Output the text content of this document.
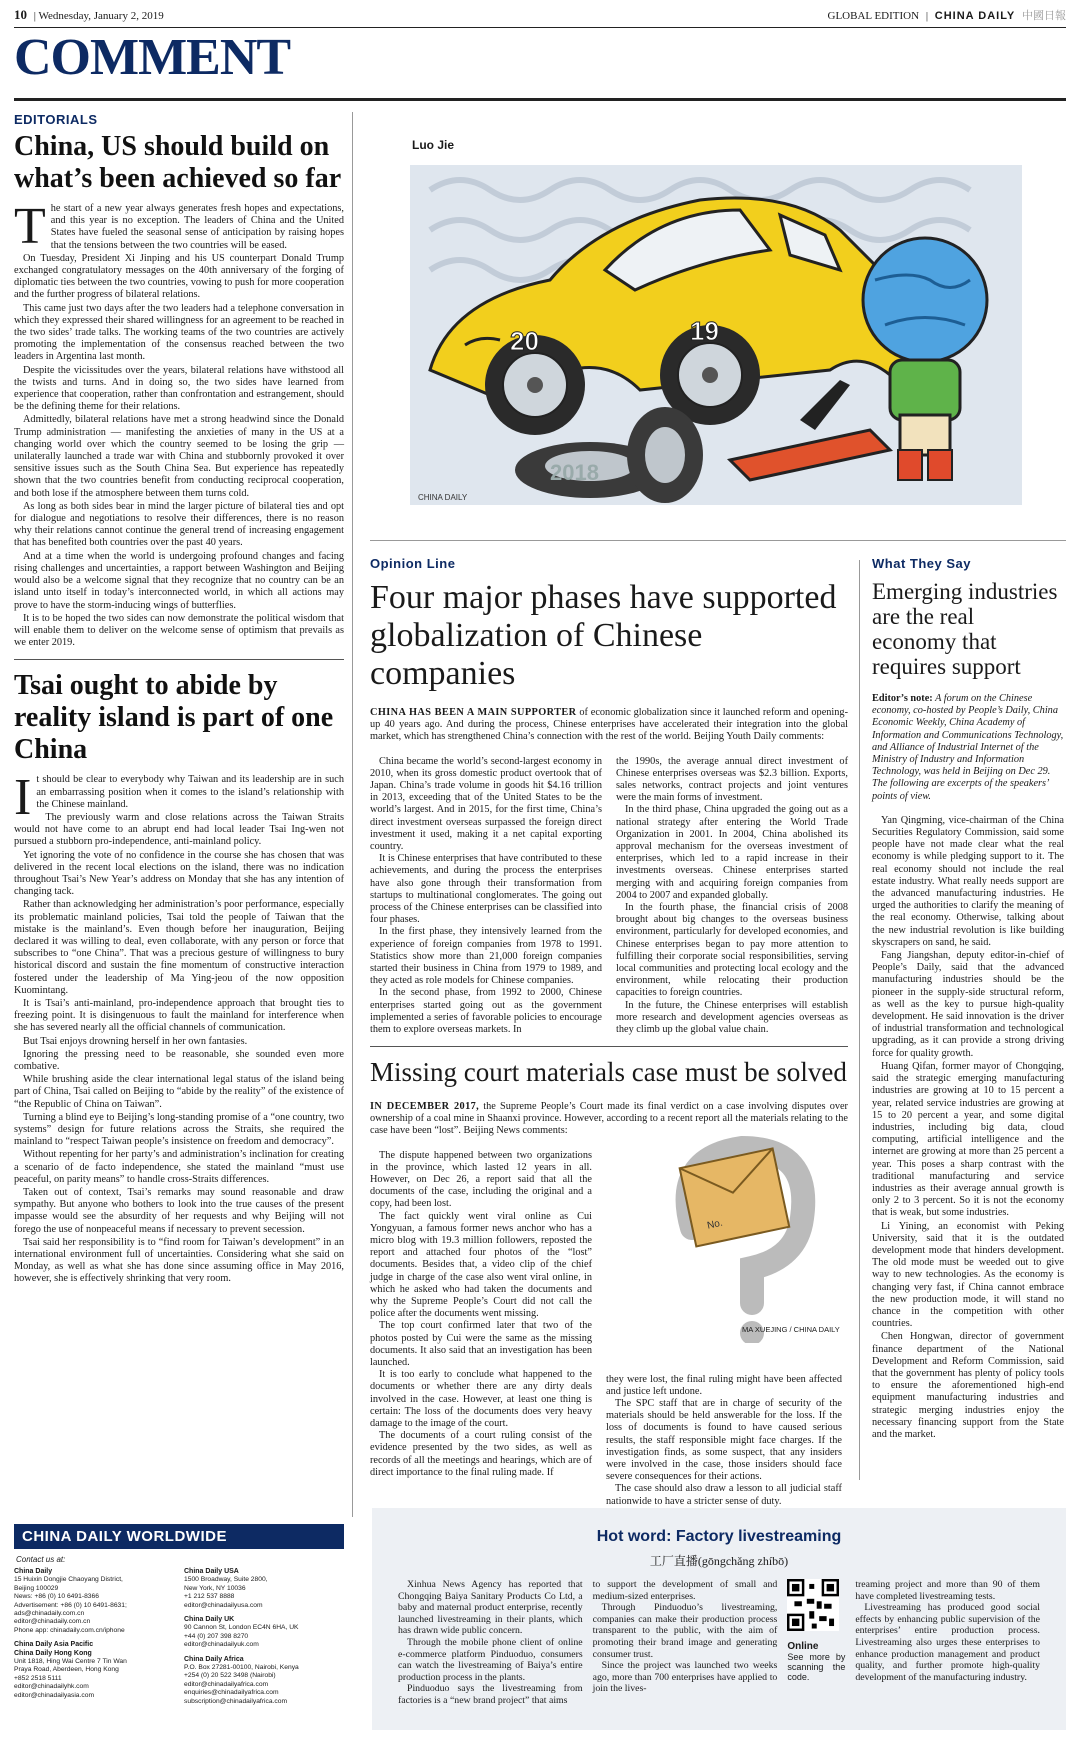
10 | Wednesday, January 2, 2019	GLOBAL EDITION | CHINA DAILY 中國日報
COMMENT
EDITORIALS
China, US should build on what’s been achieved so far

The start of a new year always generates fresh hopes and expectations, and this year is no exception. The leaders of China and the United States have fueled the seasonal sense of anticipation by raising hopes that the tensions between the two countries will be eased.

On Tuesday, President Xi Jinping and his US counterpart Donald Trump exchanged congratulatory messages on the 40th anniversary of the forging of diplomatic ties between the two countries, vowing to push for more cooperation and the further progress of bilateral relations.

This came just two days after the two leaders had a telephone conversation in which they expressed their shared willingness for an agreement to be reached in the two sides’ trade talks. The working teams of the two countries are actively promoting the implementation of the consensus reached between the two leaders in Argentina last month.

Despite the vicissitudes over the years, bilateral relations have withstood all the twists and turns. And in doing so, the two sides have learned from experience that cooperation, rather than confrontation and estrangement, should be the defining theme for their relations.

Admittedly, bilateral relations have met a strong headwind since the Donald Trump administration — manifesting the anxieties of many in the US at a changing world over which the country seemed to be losing the grip — unilaterally launched a trade war with China and stubbornly provoked it over sensitive issues such as the South China Sea. But experience has repeatedly shown that the two countries benefit from conducting reciprocal cooperation, and both lose if the atmosphere between them turns cold.

As long as both sides bear in mind the larger picture of bilateral ties and opt for dialogue and negotiations to resolve their differences, there is no reason why their relations cannot continue the general trend of increasing engagement that has benefited both countries over the past 40 years.

And at a time when the world is undergoing profound changes and facing rising challenges and uncertainties, a rapport between Washington and Beijing would also be a welcome signal that they recognize that no country can be an island unto itself in today’s interconnected world, in which all actions may prove to have the storm-inducing wings of butterflies.

It is to be hoped the two sides can now demonstrate the political wisdom that will enable them to deliver on the welcome sense of optimism that prevails as we enter 2019.

Tsai ought to abide by reality island is part of one China

It should be clear to everybody why Taiwan and its leadership are in such an embarrassing position when it comes to the island’s relationship with the Chinese mainland.

The previously warm and close relations across the Taiwan Straits would not have come to an abrupt end had local leader Tsai Ing-wen not pursued a stubborn pro-independence, anti-mainland policy.

Yet ignoring the vote of no confidence in the course she has chosen that was delivered in the recent local elections on the island, there was no indication throughout Tsai’s New Year’s address on Monday that she has any intention of changing tack.

Rather than acknowledging her administration’s poor performance, especially its problematic mainland policies, Tsai told the people of Taiwan that the mistake is the mainland’s. Even though before her inauguration, Beijing declared it was willing to deal, even collaborate, with any person or force that subscribes to “one China”. That was a precious gesture of willingness to bury historical discord and sustain the fine momentum of constructive interaction fostered under the leadership of Ma Ying-jeou of the now opposition Kuomintang.

It is Tsai’s anti-mainland, pro-independence approach that brought ties to freezing point. It is disingenuous to fault the mainland for interference when she has severed nearly all the official channels of communication.

But Tsai enjoys drowning herself in her own fantasies.

Ignoring the pressing need to be reasonable, she sounded even more combative.

While brushing aside the clear international legal status of the island being part of China, Tsai called on Beijing to “abide by the reality” of the existence of “the Republic of China on Taiwan”.

Turning a blind eye to Beijing’s long-standing promise of a “one country, two systems” design for future relations across the Straits, she required the mainland to “respect Taiwan people’s insistence on freedom and democracy”.

Without repenting for her party’s and administration’s inclination for creating a scenario of de facto independence, she stated the mainland “must use peaceful, on parity means” to handle cross-Straits differences.

Taken out of context, Tsai’s remarks may sound reasonable and draw sympathy. But anyone who bothers to look into the true causes of the present impasse would see the absurdity of her requests and why Beijing will not forego the use of nonpeaceful means if necessary to prevent secession.

Tsai said her responsibility is to “find room for Taiwan’s development” in an international environment full of uncertainties. Considering what she said on Monday, as well as what she has done since assuming office in May 2016, however, she is effectively shrinking that very room.

Luo Jie
20	19
2018
CHINA DAILY
Opinion Line
Four major phases have supported globalization of Chinese companies
CHINA HAS BEEN A MAIN SUPPORTER of economic globalization since it launched reform and opening-up 40 years ago. And during the process, Chinese enterprises have accelerated their integration into the global market, which has strengthened China’s connection with the rest of the world. Beijing Youth Daily comments:

China became the world’s second-largest economy in 2010, when its gross domestic product overtook that of Japan. China’s trade volume in goods hit $4.16 trillion in 2013, exceeding that of the United States to be the world’s largest. And in 2015, for the first time, China’s direct investment overseas surpassed the foreign direct investment it used, making it a net capital exporting country.

It is Chinese enterprises that have contributed to these achievements, and during the process the enterprises have also gone through their transformation from startups to multinational conglomerates. The going out process of the Chinese enterprises can be classified into four phases.

In the first phase, they intensively learned from the experience of foreign companies from 1978 to 1991. Statistics show more than 21,000 foreign companies started their business in China from 1979 to 1989, and they acted as role models for Chinese companies.

In the second phase, from 1992 to 2000, Chinese enterprises started going out as the government implemented a series of favorable policies to encourage them to explore overseas markets. In

the 1990s, the average annual direct investment of Chinese enterprises overseas was $2.3 billion. Exports, sales networks, contract projects and joint ventures were the main forms of investment.

In the third phase, China upgraded the going out as a national strategy after entering the World Trade Organization in 2001. In 2004, China abolished its approval mechanism for the overseas investment of enterprises, which led to a rapid increase in their investments overseas. Chinese enterprises started merging with and acquiring foreign companies from 2004 to 2007 and expanded globally.

In the fourth phase, the financial crisis of 2008 brought about big changes to the overseas business environment, particularly for developed economies, and Chinese enterprises began to pay more attention to fulfilling their corporate social responsibilities, serving local communities and protecting local ecology and the environment, while relocating their production capacities to foreign countries.

In the future, the Chinese enterprises will establish more research and development agencies overseas as they climb up the global value chain.

What They Say
Emerging industries are the real economy that requires support
Editor’s note: A forum on the Chinese economy, co-hosted by People’s Daily, China Economic Weekly, China Academy of Information and Communications Technology, and Alliance of Industrial Internet of the Ministry of Industry and Information Technology, was held in Beijing on Dec 29. The following are excerpts of the speakers’ points of view.

Yan Qingming, vice-chairman of the China Securities Regulatory Commission, said some people have not made clear what the real economy is while pledging support to it. The real economy should not include the real estate industry. What really needs support are the advanced manufacturing industries. He urged the authorities to clarify the meaning of the real economy. Otherwise, talking about the new industrial revolution is like building skyscrapers on sand, he said.

Fang Jiangshan, deputy editor-in-chief of People’s Daily, said that the advanced manufacturing industries should be the pioneer in the supply-side structural reform, as well as the key to pursue high-quality development. He said innovation is the driver of industrial transformation and technological upgrading, as it can provide a strong driving force for quality growth.

Huang Qifan, former mayor of Chongqing, said the strategic emerging manufacturing industries are growing at 10 to 15 percent a year, related service industries are growing at 15 to 20 percent a year, and some digital industries, including big data, cloud computing, artificial intelligence and the internet are growing at more than 25 percent a year. This poses a sharp contrast with the traditional manufacturing and service industries as their average annual growth is only 2 to 3 percent. So it is not the economy that is weak, but some industries.

Li Yining, an economist with Peking University, said that it is the outdated development mode that hinders development. The old mode must be weeded out to give way to new technologies. As the economy is changing very fast, if China cannot embrace the new production mode, it will stand no chance in the competition with other countries.

Chen Hongwan, director of government finance department of the National Development and Reform Commission, said that the government has plenty of policy tools to ensure the aforementioned high-end equipment manufacturing industries and strategic merging industries enjoy the necessary financing support from the State and the market.

Missing court materials case must be solved
IN DECEMBER 2017, the Supreme People’s Court made its final verdict on a case involving disputes over ownership of a coal mine in Shaanxi province. However, according to a recent report all the materials relating to the case have been “lost”. Beijing News comments:

The dispute happened between two organizations in the province, which lasted 12 years in all. However, on Dec 26, a report said that all the documents of the case, including the original and a copy, had been lost.

The fact quickly went viral online as Cui Yongyuan, a famous former news anchor who has a micro blog with 19.3 million followers, reposted the report and attached four photos of the “lost” documents. Besides that, a video clip of the chief judge in charge of the case also went viral online, in which he asked who had taken the documents and why the Supreme People’s Court did not call the police after the documents went missing.

The top court confirmed later that two of the photos posted by Cui were the same as the missing documents. It also said that an investigation has been launched.

It is too early to conclude what happened to the documents or whether there are any dirty deals involved in the case. However, at least one thing is certain: The loss of the documents does very heavy damage to the image of the court.

The documents of a court ruling consist of the evidence presented by the two sides, as well as records of all the meetings and hearings, which are of direct importance to the final ruling made. If

they were lost, the final ruling might have been affected and justice left undone.

The SPC staff that are in charge of security of the materials should be held answerable for the loss. If the loss of documents is found to have caused serious results, the staff responsible might face charges. If the investigation finds, as some suspect, that any insiders were involved in the case, those insiders should face severe consequences for their actions.

The case should also draw a lesson to all judicial staff nationwide to have a stricter sense of duty.

No.
MA XUEJING / CHINA DAILY
CHINA DAILY WORLDWIDE
Contact us at:
China Daily
15 Huixin Dongjie Chaoyang District,
Beijing 100029
News: +86 (0) 10 6491-8366
Advertisement: +86 (0) 10 6491-8631;
ads@chinadaily.com.cn
editor@chinadaily.com.cn
Phone app: chinadaily.com.cn/iphone

China Daily Asia Pacific
China Daily Hong Kong
Unit 1818, Hing Wai Centre 7 Tin Wan
Praya Road, Aberdeen, Hong Kong
+852 2518 5111
editor@chinadailyhk.com
editor@chinadailyasia.com
China Daily USA
1500 Broadway, Suite 2800,
New York, NY 10036
+1 212 537 8888
editor@chinadailyusa.com

China Daily UK
90 Cannon St, London EC4N 6HA, UK
+44 (0) 207 398 8270
editor@chinadailyuk.com

China Daily Africa
P.O. Box 27281-00100, Nairobi, Kenya
+254 (0) 20 522 3498 (Nairobi)
editor@chinadailyafrica.com
enquiries@chinadailyafrica.com
subscription@chinadailyafrica.com
Hot word: Factory livestreaming
工厂直播(gōngchǎng zhíbō)

Xinhua News Agency has reported that Chongqing Baiya Sanitary Products Co Ltd, a baby and maternal product enterprise, recently launched livestreaming in their plants, which has drawn wide public concern.

Through the mobile phone client of online e-commerce platform Pinduoduo, consumers can watch the livestreaming of Baiya’s entire production process in the plants.

Pinduoduo says the livestreaming from factories is a “new brand project” that aims

to support the development of small and medium-sized enterprises.

Through Pinduoduo’s livestreaming, companies can make their production process transparent to the public, with the aim of promoting their brand image and generating consumer trust.

Since the project was launched two weeks ago, more than 700 enterprises have applied to join the lives-

Online
See more by scanning the code.

treaming project and more than 90 of them have completed livestreaming tests.

Livestreaming has produced good social effects by enhancing public supervision of the enterprises’ entire production process. Livestreaming also urges these enterprises to enhance production management and product quality, and further promote high-quality development of the manufacturing industry.
